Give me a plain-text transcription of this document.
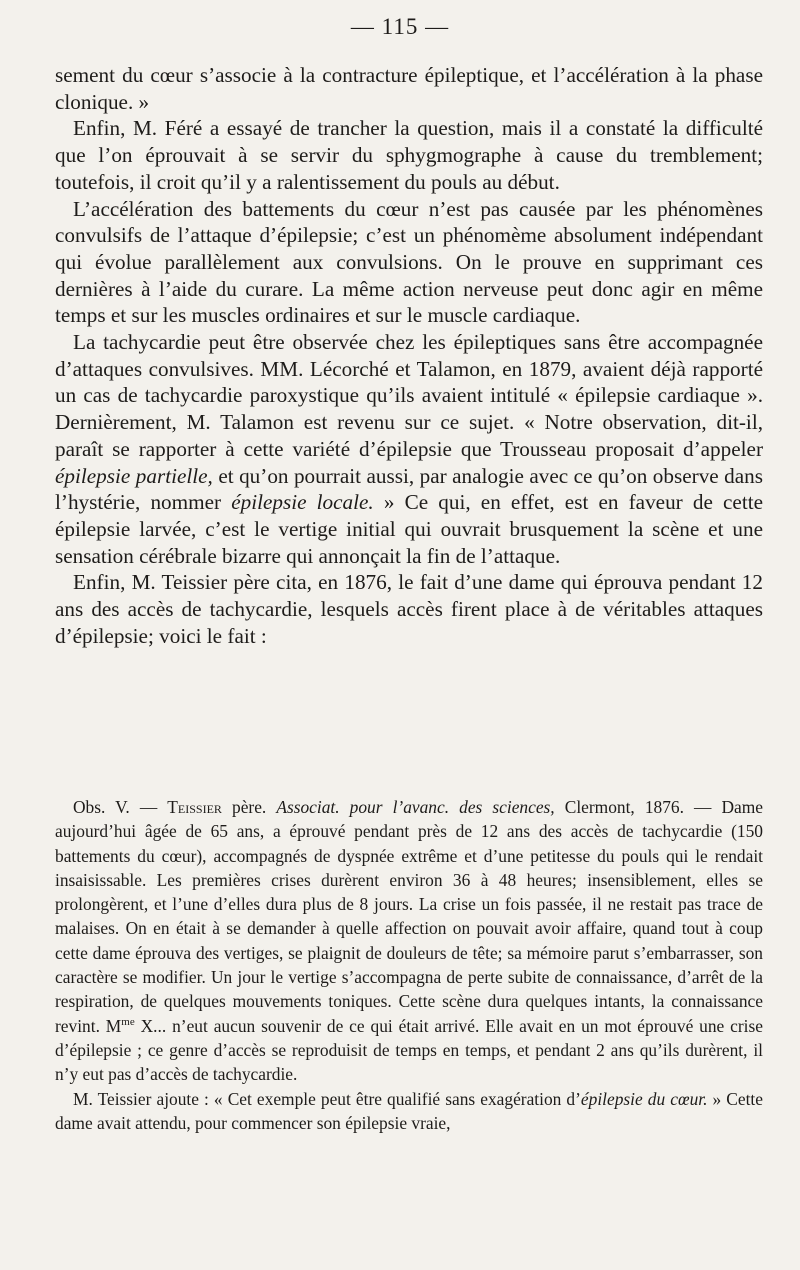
— 115 —

sement du cœur s’associe à la contracture épileptique, et l’accélération à la phase clonique. »

Enfin, M. Féré a essayé de trancher la question, mais il a constaté la difficulté que l’on éprouvait à se servir du sphygmographe à cause du tremblement; toutefois, il croit qu’il y a ralentissement du pouls au début.

L’accélération des battements du cœur n’est pas causée par les phénomènes convulsifs de l’attaque d’épilepsie; c’est un phénomème absolument indépendant qui évolue parallèlement aux convulsions. On le prouve en supprimant ces dernières à l’aide du curare. La même action nerveuse peut donc agir en même temps et sur les muscles ordinaires et sur le muscle cardiaque.

La tachycardie peut être observée chez les épileptiques sans être accompagnée d’attaques convulsives. MM. Lécorché et Talamon, en 1879, avaient déjà rapporté un cas de tachycardie paroxystique qu’ils avaient intitulé « épilepsie cardiaque ». Dernièrement, M. Talamon est revenu sur ce sujet. « Notre observation, dit-il, paraît se rapporter à cette variété d’épilepsie que Trousseau proposait d’appeler épilepsie partielle, et qu’on pourrait aussi, par analogie avec ce qu’on observe dans l’hystérie, nommer épilepsie locale. » Ce qui, en effet, est en faveur de cette épilepsie larvée, c’est le vertige initial qui ouvrait brusquement la scène et une sensation cérébrale bizarre qui annonçait la fin de l’attaque.

Enfin, M. Teissier père cita, en 1876, le fait d’une dame qui éprouva pendant 12 ans des accès de tachycardie, lesquels accès firent place à de véritables attaques d’épilepsie; voici le fait :

Obs. V. — Teissier père. Associat. pour l’avanc. des sciences, Clermont, 1876. — Dame aujourd’hui âgée de 65 ans, a éprouvé pendant près de 12 ans des accès de tachycardie (150 battements du cœur), accompagnés de dyspnée extrême et d’une petitesse du pouls qui le rendait insaisissable. Les premières crises durèrent environ 36 à 48 heures; insensiblement, elles se prolongèrent, et l’une d’elles dura plus de 8 jours. La crise un fois passée, il ne restait pas trace de malaises. On en était à se demander à quelle affection on pouvait avoir affaire, quand tout à coup cette dame éprouva des vertiges, se plaignit de douleurs de tête; sa mémoire parut s’embarrasser, son caractère se modifier. Un jour le vertige s’accompagna de perte subite de connaissance, d’arrêt de la respiration, de quelques mouvements toniques. Cette scène dura quelques intants, la connaissance revint. $M^{me}$ X... n’eut aucun souvenir de ce qui était arrivé. Elle avait en un mot éprouvé une crise d’épilepsie ; ce genre d’accès se reproduisit de temps en temps, et pendant 2 ans qu’ils durèrent, il n’y eut pas d’accès de tachycardie.

M. Teissier ajoute : « Cet exemple peut être qualifié sans exagération d’épilepsie du cœur. » Cette dame avait attendu, pour commencer son épilepsie vraie,
